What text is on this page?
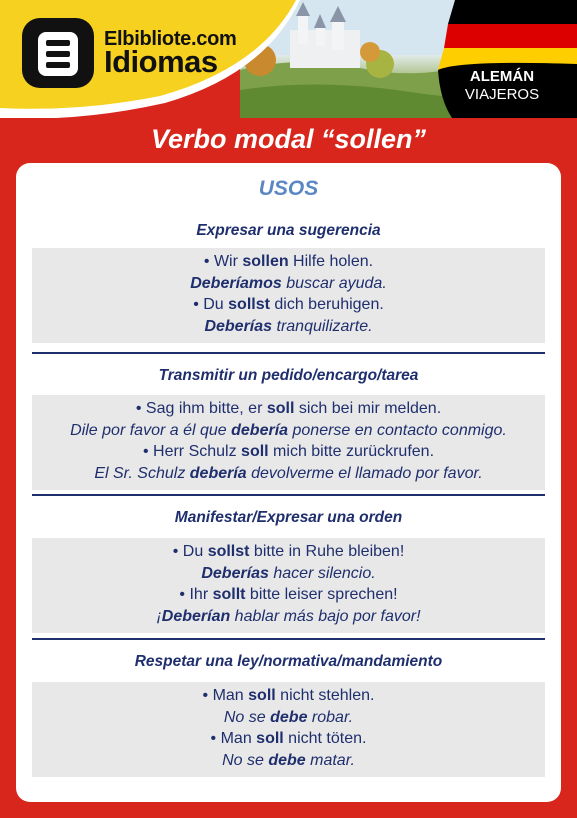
Elbibliote.com
Idiomas	ALEMÁN
VIAJEROS
Verbo modal “sollen”
USOS
Expresar una sugerencia
• Wir sollen Hilfe holen.
Deberíamos buscar ayuda.
• Du sollst dich beruhigen.
Deberías tranquilizarte.
Transmitir un pedido/encargo/tarea
• Sag ihm bitte, er soll sich bei mir melden.
Dile por favor a él que debería ponerse en contacto conmigo.
• Herr Schulz soll mich bitte zurückrufen.
El Sr. Schulz debería devolverme el llamado por favor.
Manifestar/Expresar una orden
• Du sollst bitte in Ruhe bleiben!
Deberías hacer silencio.
• Ihr sollt bitte leiser sprechen!
¡Deberían hablar más bajo por favor!
Respetar una ley/normativa/mandamiento
• Man soll nicht stehlen.
No se debe robar.
• Man soll nicht töten.
No se debe matar.
